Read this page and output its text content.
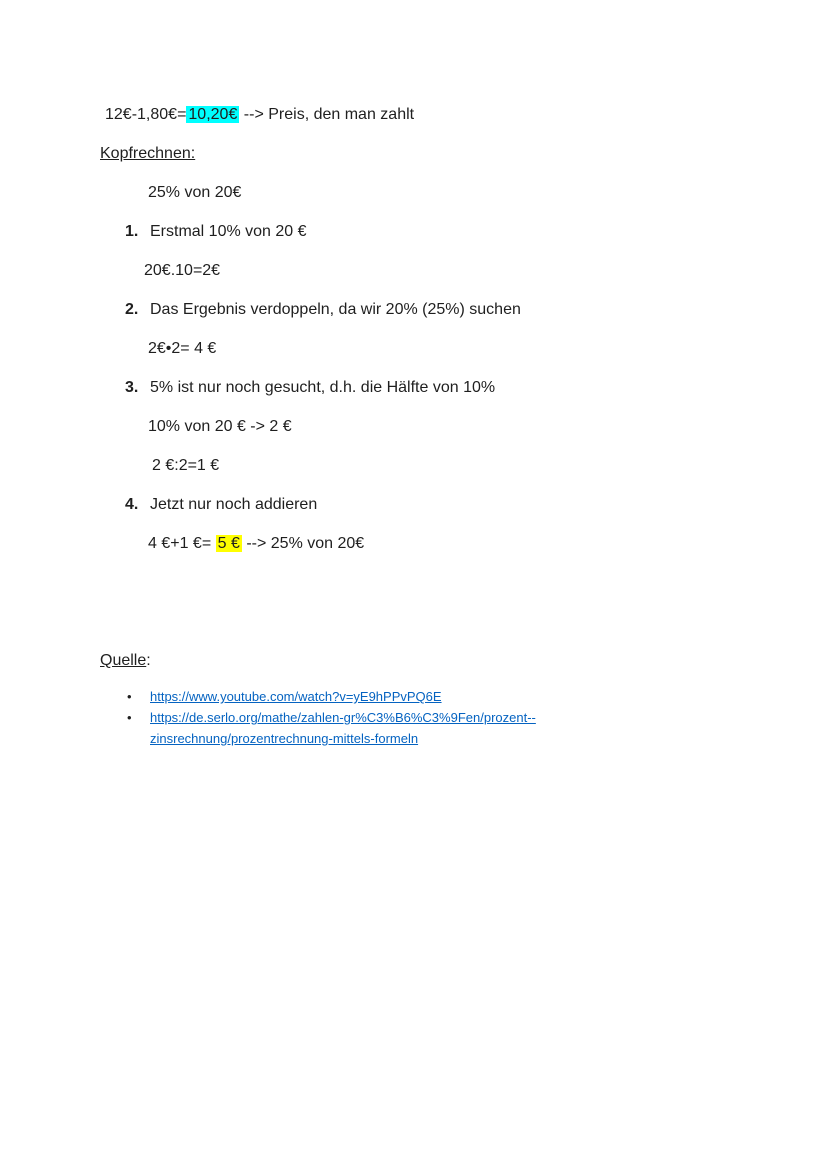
12€-1,80€= 10,20€ --> Preis, den man zahlt

Kopfrechnen:

25% von 20€

1. Erstmal 10% von 20 €

20€.10=2€

2. Das Ergebnis verdoppeln, da wir 20% (25%) suchen

2€•2= 4 €

3. 5% ist nur noch gesucht, d.h. die Hälfte von 10%

10% von 20 € -> 2 €

2 €:2=1 €

4. Jetzt nur noch addieren

4 €+1 €= 5 € --> 25% von 20€

Quelle:

• https://www.youtube.com/watch?v=yE9hPPvPQ6E
• https://de.serlo.org/mathe/zahlen-gr%C3%B6%C3%9Fen/prozent--zinsrechnung/prozentrechnung-mittels-formeln
